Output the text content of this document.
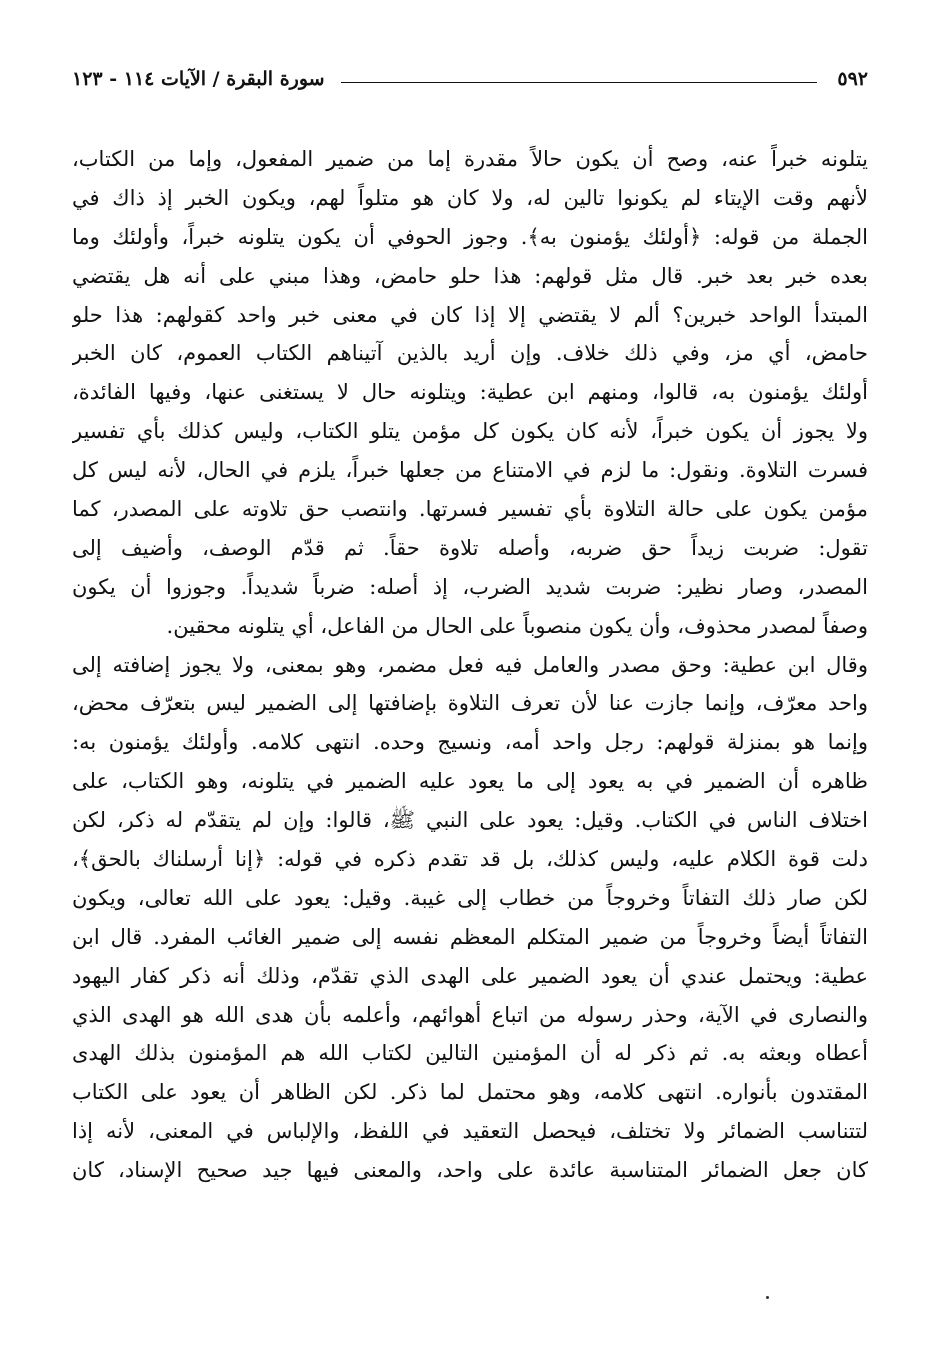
٥٩٢
سورة البقرة / الآيات ١١٤ - ١٢٣
يتلونه خبراً عنه، وصح أن يكون حالاً مقدرة إما من ضمير المفعول، وإما من الكتاب،
لأنهم وقت الإيتاء لم يكونوا تالين له، ولا كان هو متلواً لهم، ويكون الخبر إذ ذاك في
الجملة من قوله: ﴿أولئك يؤمنون به﴾. وجوز الحوفي أن يكون يتلونه خبراً، وأولئك وما
بعده خبر بعد خبر. قال مثل قولهم: هذا حلو حامض، وهذا مبني على أنه هل يقتضي
المبتدأ الواحد خبرين؟ ألم لا يقتضي إلا إذا كان في معنى خبر واحد كقولهم: هذا حلو
حامض، أي مز، وفي ذلك خلاف. وإن أريد بالذين آتيناهم الكتاب العموم، كان الخبر
أولئك يؤمنون به، قالوا، ومنهم ابن عطية: ويتلونه حال لا يستغنى عنها، وفيها الفائدة،
ولا يجوز أن يكون خبراً، لأنه كان يكون كل مؤمن يتلو الكتاب، وليس كذلك بأي تفسير
فسرت التلاوة. ونقول: ما لزم في الامتناع من جعلها خبراً، يلزم في الحال، لأنه ليس كل
مؤمن يكون على حالة التلاوة بأي تفسير فسرتها. وانتصب حق تلاوته على المصدر، كما
تقول: ضربت زيداً حق ضربه، وأصله تلاوة حقاً. ثم قدّم الوصف، وأضيف إلى
المصدر، وصار نظير: ضربت شديد الضرب، إذ أصله: ضرباً شديداً. وجوزوا أن يكون
وصفاً لمصدر محذوف، وأن يكون منصوباً على الحال من الفاعل، أي يتلونه محقين.
وقال ابن عطية: وحق مصدر والعامل فيه فعل مضمر، وهو بمعنى، ولا يجوز إضافته إلى
واحد معرّف، وإنما جازت عنا لأن تعرف التلاوة بإضافتها إلى الضمير ليس بتعرّف محض،
وإنما هو بمنزلة قولهم: رجل واحد أمه، ونسيج وحده. انتهى كلامه. وأولئك يؤمنون به:
ظاهره أن الضمير في به يعود إلى ما يعود عليه الضمير في يتلونه، وهو الكتاب، على
اختلاف الناس في الكتاب. وقيل: يعود على النبي ﷺ، قالوا: وإن لم يتقدّم له ذكر، لكن
دلت قوة الكلام عليه، وليس كذلك، بل قد تقدم ذكره في قوله: ﴿إنا أرسلناك بالحق﴾،
لكن صار ذلك التفاتاً وخروجاً من خطاب إلى غيبة. وقيل: يعود على الله تعالى، ويكون
التفاتاً أيضاً وخروجاً من ضمير المتكلم المعظم نفسه إلى ضمير الغائب المفرد. قال ابن
عطية: ويحتمل عندي أن يعود الضمير على الهدى الذي تقدّم، وذلك أنه ذكر كفار اليهود
والنصارى في الآية، وحذر رسوله من اتباع أهوائهم، وأعلمه بأن هدى الله هو الهدى الذي
أعطاه وبعثه به. ثم ذكر له أن المؤمنين التالين لكتاب الله هم المؤمنون بذلك الهدى
المقتدون بأنواره. انتهى كلامه، وهو محتمل لما ذكر. لكن الظاهر أن يعود على الكتاب
لتتناسب الضمائر ولا تختلف، فيحصل التعقيد في اللفظ، والإلباس في المعنى، لأنه إذا
كان جعل الضمائر المتناسبة عائدة على واحد، والمعنى فيها جيد صحيح الإسناد، كان
